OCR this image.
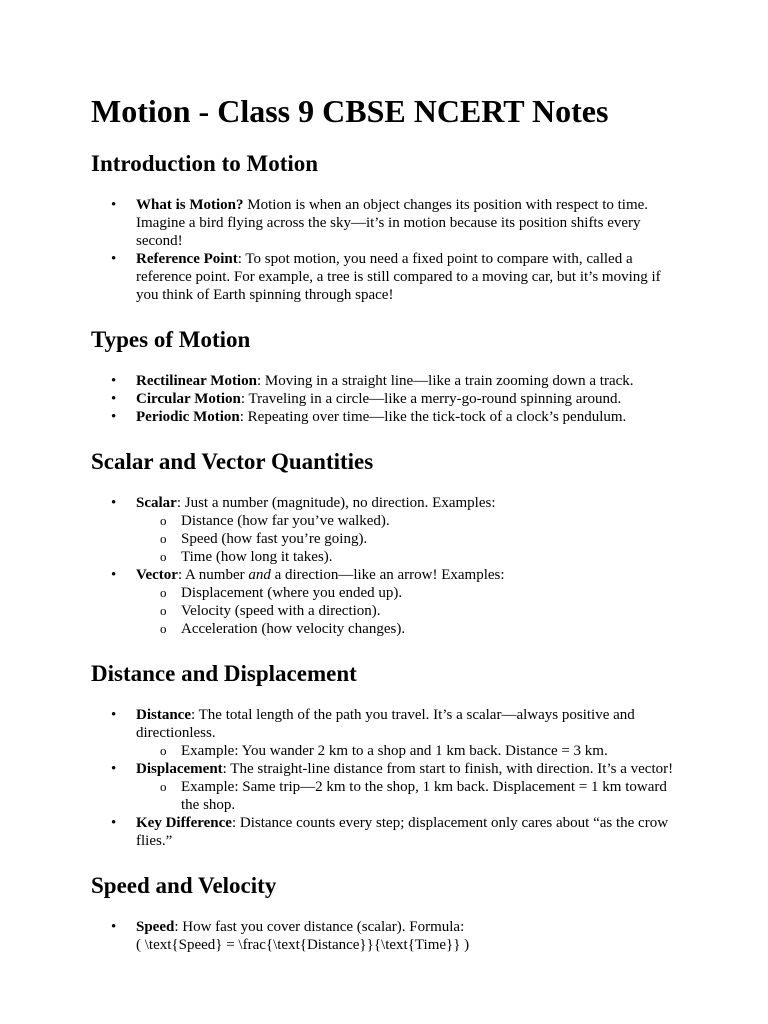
Motion - Class 9 CBSE NCERT Notes
Introduction to Motion
• What is Motion? Motion is when an object changes its position with respect to time. Imagine a bird flying across the sky—it’s in motion because its position shifts every second!
• Reference Point: To spot motion, you need a fixed point to compare with, called a reference point. For example, a tree is still compared to a moving car, but it’s moving if you think of Earth spinning through space!
Types of Motion
• Rectilinear Motion: Moving in a straight line—like a train zooming down a track.
• Circular Motion: Traveling in a circle—like a merry-go-round spinning around.
• Periodic Motion: Repeating over time—like the tick-tock of a clock’s pendulum.
Scalar and Vector Quantities
• Scalar: Just a number (magnitude), no direction. Examples:
o Distance (how far you’ve walked).
o Speed (how fast you’re going).
o Time (how long it takes).
• Vector: A number and a direction—like an arrow! Examples:
o Displacement (where you ended up).
o Velocity (speed with a direction).
o Acceleration (how velocity changes).
Distance and Displacement
• Distance: The total length of the path you travel. It’s a scalar—always positive and directionless.
o Example: You wander 2 km to a shop and 1 km back. Distance = 3 km.
• Displacement: The straight-line distance from start to finish, with direction. It’s a vector!
o Example: Same trip—2 km to the shop, 1 km back. Displacement = 1 km toward the shop.
• Key Difference: Distance counts every step; displacement only cares about “as the crow flies.”
Speed and Velocity
• Speed: How fast you cover distance (scalar). Formula:
( \text{Speed} = \frac{\text{Distance}}{\text{Time}} )
